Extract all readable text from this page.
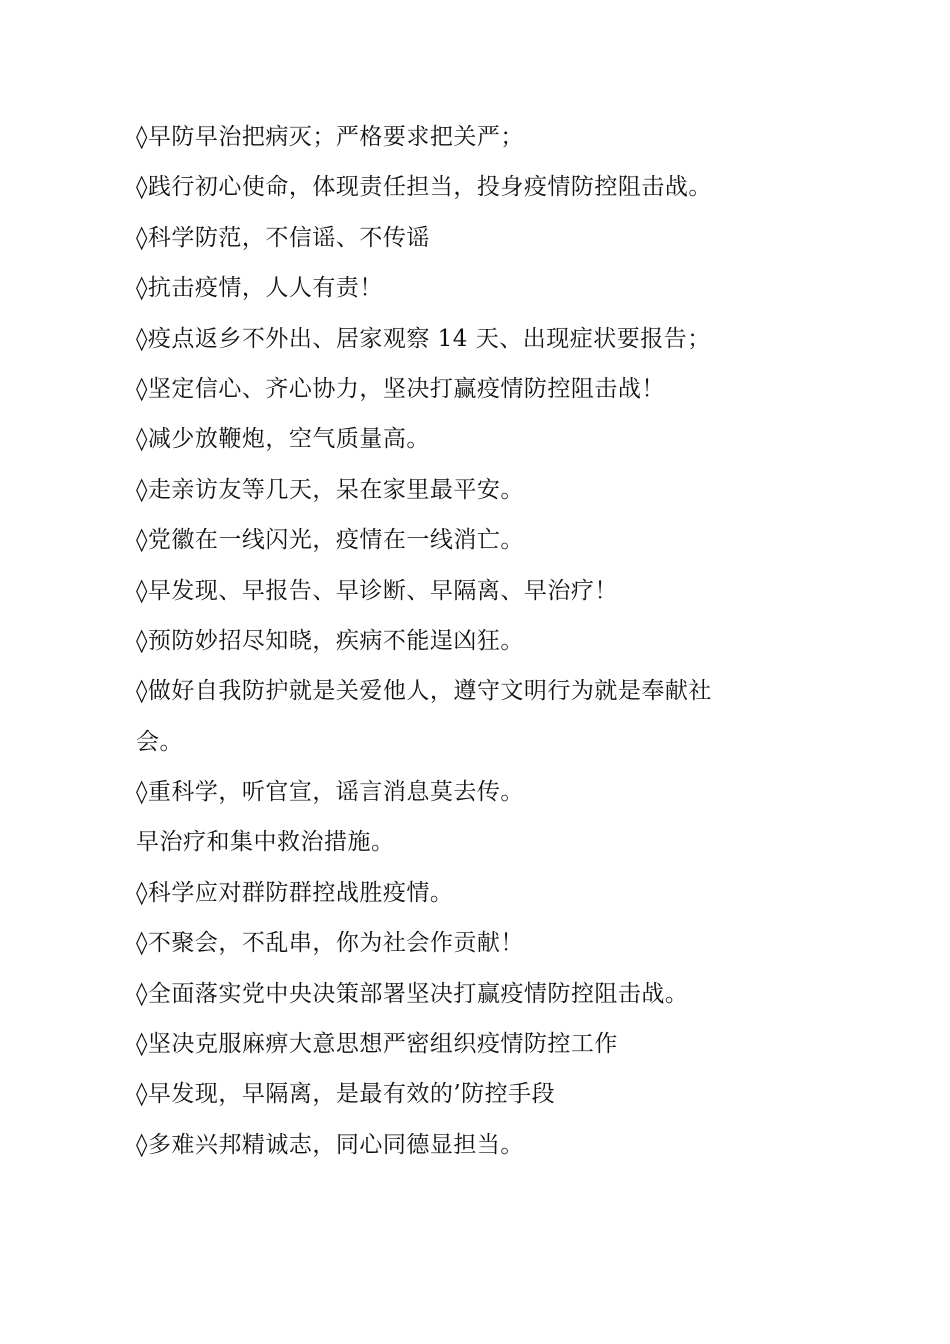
◊早防早治把病灭；严格要求把关严；
◊践行初心使命，体现责任担当，投身疫情防控阻击战。
◊科学防范，不信谣、不传谣
◊抗击疫情，人人有责！
◊疫点返乡不外出、居家观察 14 天、出现症状要报告；
◊坚定信心、齐心协力，坚决打赢疫情防控阻击战！
◊减少放鞭炮，空气质量高。
◊走亲访友等几天，呆在家里最平安。
◊党徽在一线闪光，疫情在一线消亡。
◊早发现、早报告、早诊断、早隔离、早治疗！
◊预防妙招尽知晓，疾病不能逞凶狂。
◊做好自我防护就是关爱他人，遵守文明行为就是奉献社
会。
◊重科学，听官宣，谣言消息莫去传。
早治疗和集中救治措施。
◊科学应对群防群控战胜疫情。
◊不聚会，不乱串，你为社会作贡献！
◊全面落实党中央决策部署坚决打赢疫情防控阻击战。
◊坚决克服麻痹大意思想严密组织疫情防控工作
◊早发现，早隔离，是最有效的’防控手段
◊多难兴邦精诚志，同心同德显担当。
